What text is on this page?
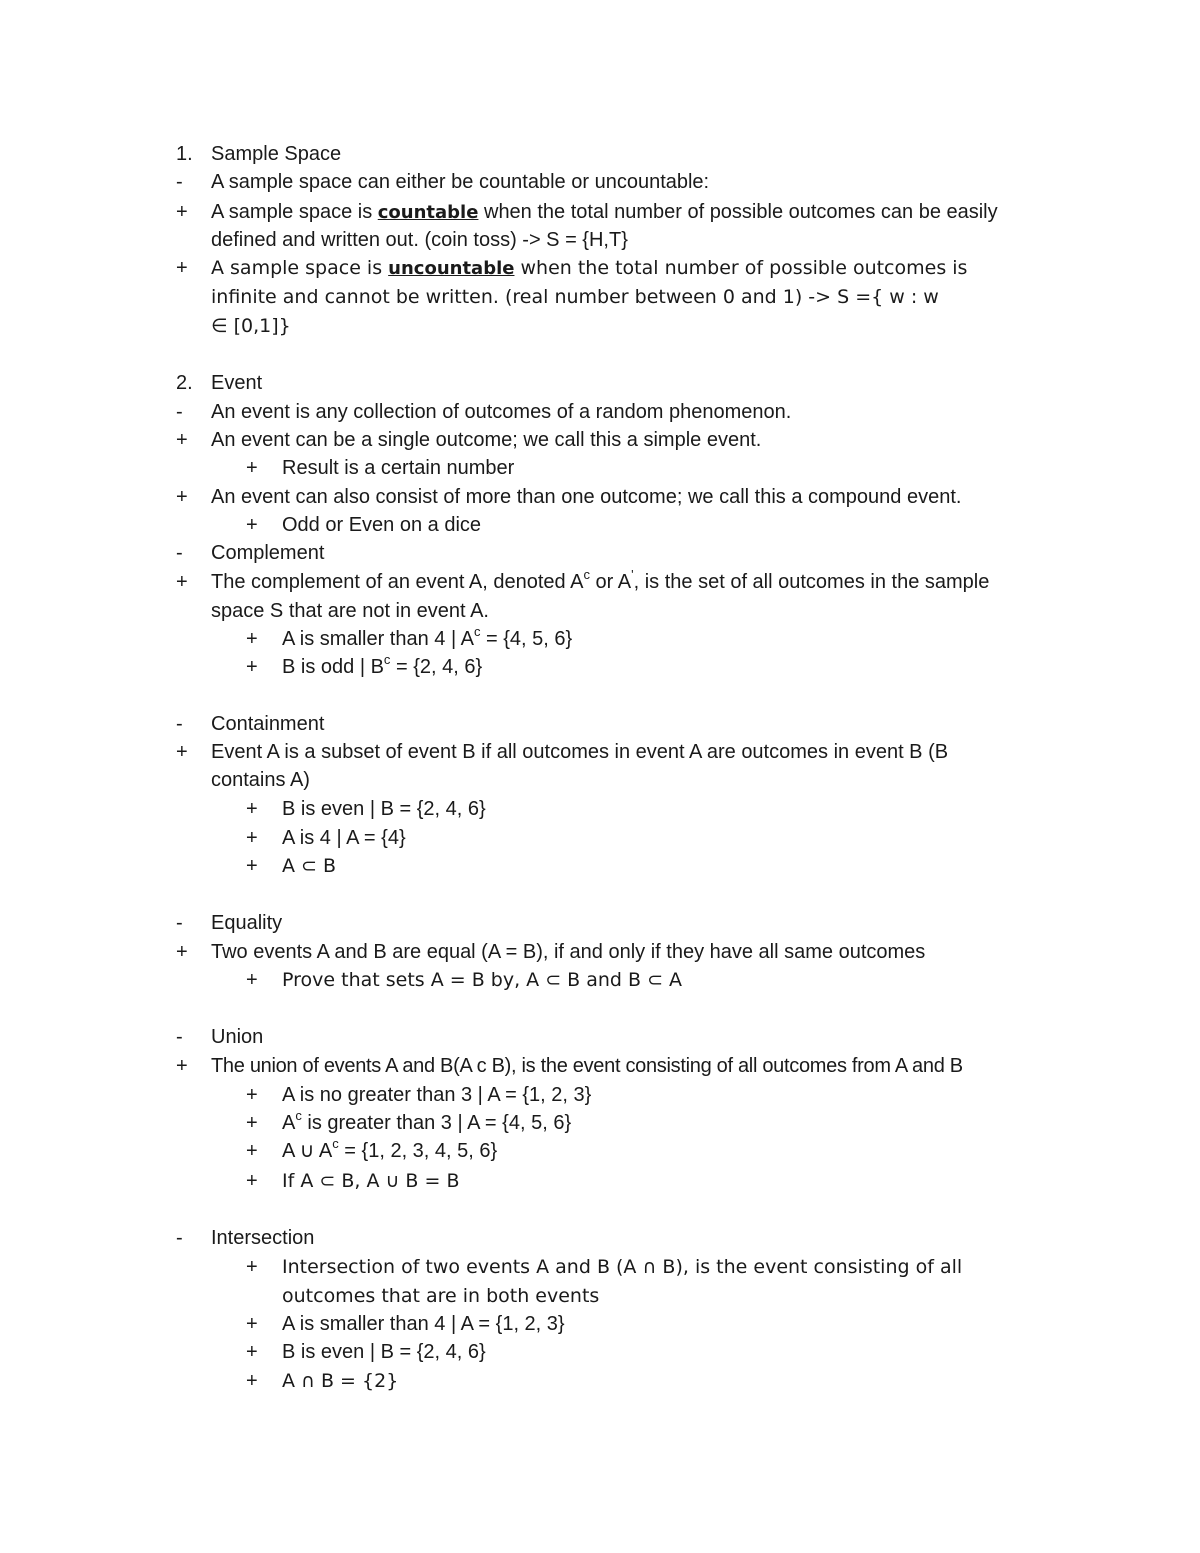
1. Sample Space
- A sample space can either be countable or uncountable:
+ A sample space is countable when the total number of possible outcomes can be easily
defined and written out. (coin toss) -> S = {H,T}
+ A sample space is uncountable when the total number of possible outcomes is
infinite and cannot be written. (real number between 0 and 1) -> S ={ w : w
∈ [0,1]}
2. Event
- An event is any collection of outcomes of a random phenomenon.
+ An event can be a single outcome; we call this a simple event.
+ Result is a certain number
+ An event can also consist of more than one outcome; we call this a compound event.
+ Odd or Even on a dice
- Complement
+ The complement of an event A, denoted $A^c$ or A', is the set of all outcomes in the sample
space S that are not in event A.
+ A is smaller than 4 | $A^c = \{4$, 5, 6}
+ B is odd | $B^c = \{2$, 4, 6}
- Containment
+ Event A is a subset of event B if all outcomes in event A are outcomes in event B (B
contains A)
+ B is even | B = {2, 4, 6}
+ A is 4 | A = {4}
+ A ⊂ B
- Equality
+ Two events A and B are equal (A = B), if and only if they have all same outcomes
+ Prove that sets A = B by, A ⊂ B and B ⊂ A
- Union
+ The union of events A and B(A c B), is the event consisting of all outcomes from A and B
+ A is no greater than 3 | A = {1, 2, 3}
+ $A^c$ is greater than 3 | A = {4, 5, 6}
+ A ∪ $A^c = \{1$, 2, 3, 4, 5, 6}
+ If A ⊂ B, A ∪ B = B
- Intersection
+ Intersection of two events A and B (A ∩ B), is the event consisting of all
outcomes that are in both events
+ A is smaller than 4 | A = {1, 2, 3}
+ B is even | B = {2, 4, 6}
+ A ∩ B = {2}
